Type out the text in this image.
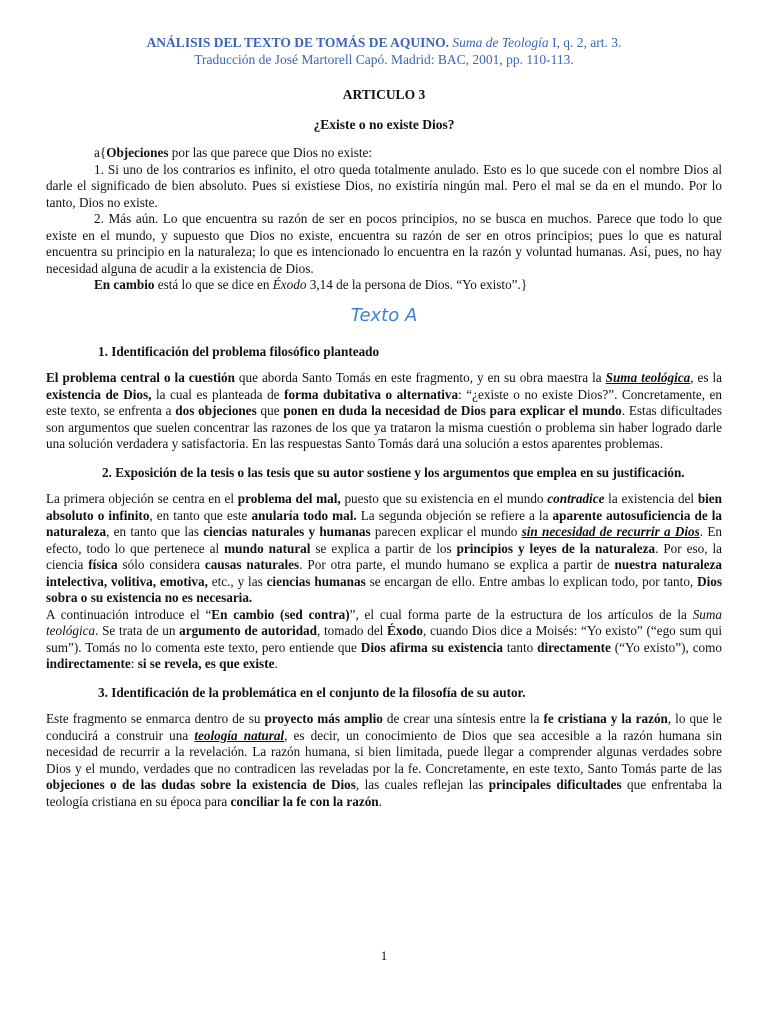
ANÁLISIS DEL TEXTO DE TOMÁS DE AQUINO. Suma de Teología I, q. 2, art. 3.
Traducción de José Martorell Capó. Madrid: BAC, 2001, pp. 110-113.
ARTICULO 3
¿Existe o no existe Dios?

a{Objeciones por las que parece que Dios no existe:

1. Si uno de los contrarios es infinito, el otro queda totalmente anulado. Esto es lo que sucede con el nombre Dios al darle el significado de bien absoluto. Pues si existiese Dios, no existiría ningún mal. Pero el mal se da en el mundo. Por lo tanto, Dios no existe.

2. Más aún. Lo que encuentra su razón de ser en pocos principios, no se busca en muchos. Parece que todo lo que existe en el mundo, y supuesto que Dios no existe, encuentra su razón de ser en otros principios; pues lo que es natural encuentra su principio en la naturaleza; lo que es intencionado lo encuentra en la razón y voluntad humanas. Así, pues, no hay necesidad alguna de acudir a la existencia de Dios.

En cambio está lo que se dice en Éxodo 3,14 de la persona de Dios. “Yo existo”.}

Texto A
1. Identificación del problema filosófico planteado

El problema central o la cuestión que aborda Santo Tomás en este fragmento, y en su obra maestra la Suma teológica, es la existencia de Dios, la cual es planteada de forma dubitativa o alternativa: “¿existe o no existe Dios?”. Concretamente, en este texto, se enfrenta a dos objeciones que ponen en duda la necesidad de Dios para explicar el mundo. Estas dificultades son argumentos que suelen concentrar las razones de los que ya trataron la misma cuestión o problema sin haber logrado darle una solución verdadera y satisfactoria. En las respuestas Santo Tomás dará una solución a estos aparentes problemas.

2. Exposición de la tesis o las tesis que su autor sostiene y los argumentos que emplea en su justificación.

La primera objeción se centra en el problema del mal, puesto que su existencia en el mundo contradice la existencia del bien absoluto o infinito, en tanto que este anularía todo mal. La segunda objeción se refiere a la aparente autosuficiencia de la naturaleza, en tanto que las ciencias naturales y humanas parecen explicar el mundo sin necesidad de recurrir a Dios. En efecto, todo lo que pertenece al mundo natural se explica a partir de los principios y leyes de la naturaleza. Por eso, la ciencia física sólo considera causas naturales. Por otra parte, el mundo humano se explica a partir de nuestra naturaleza intelectiva, volitiva, emotiva, etc., y las ciencias humanas se encargan de ello. Entre ambas lo explican todo, por tanto, Dios sobra o su existencia no es necesaria.

A continuación introduce el “En cambio (sed contra)”, el cual forma parte de la estructura de los artículos de la Suma teológica. Se trata de un argumento de autoridad, tomado del Éxodo, cuando Dios dice a Moisés: “Yo existo” (“ego sum qui sum”). Tomás no lo comenta este texto, pero entiende que Dios afirma su existencia tanto directamente (“Yo existo”), como indirectamente: si se revela, es que existe.

3. Identificación de la problemática en el conjunto de la filosofía de su autor.

Este fragmento se enmarca dentro de su proyecto más amplio de crear una síntesis entre la fe cristiana y la razón, lo que le conducirá a construir una teología natural, es decir, un conocimiento de Dios que sea accesible a la razón humana sin necesidad de recurrir a la revelación. La razón humana, si bien limitada, puede llegar a comprender algunas verdades sobre Dios y el mundo, verdades que no contradicen las reveladas por la fe. Concretamente, en este texto, Santo Tomás parte de las objeciones o de las dudas sobre la existencia de Dios, las cuales reflejan las principales dificultades que enfrentaba la teología cristiana en su época para conciliar la fe con la razón.

1
